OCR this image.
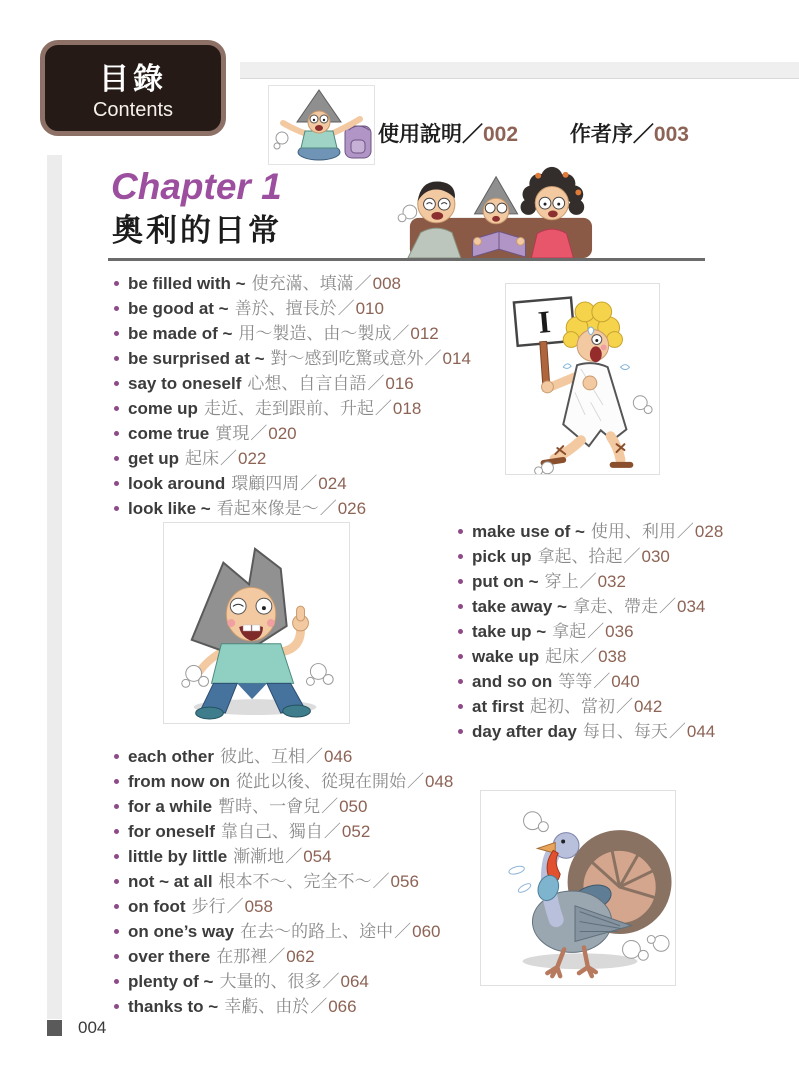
目錄
Contents
004
使用說明／002 作者序／003
Chapter 1
奧利的日常
be filled with ~ 使充滿、填滿／008
be good at ~ 善於、擅長於／010
be made of ~ 用～製造、由～製成／012
be surprised at ~ 對～感到吃驚或意外／014
say to oneself 心想、自言自語／016
come up 走近、走到跟前、升起／018
come true 實現／020
get up 起床／022
look around 環顧四周／024
look like ~ 看起來像是～／026
I
make use of ~ 使用、利用／028
pick up 拿起、拾起／030
put on ~ 穿上／032
take away ~ 拿走、帶走／034
take up ~ 拿起／036
wake up 起床／038
and so on 等等／040
at first 起初、當初／042
day after day 每日、每天／044
each other 彼此、互相／046
from now on 從此以後、從現在開始／048
for a while 暫時、一會兒／050
for oneself 靠自己、獨自／052
little by little 漸漸地／054
not ~ at all 根本不～、完全不～／056
on foot 步行／058
on one’s way 在去～的路上、途中／060
over there 在那裡／062
plenty of ~ 大量的、很多／064
thanks to ~ 幸虧、由於／066
